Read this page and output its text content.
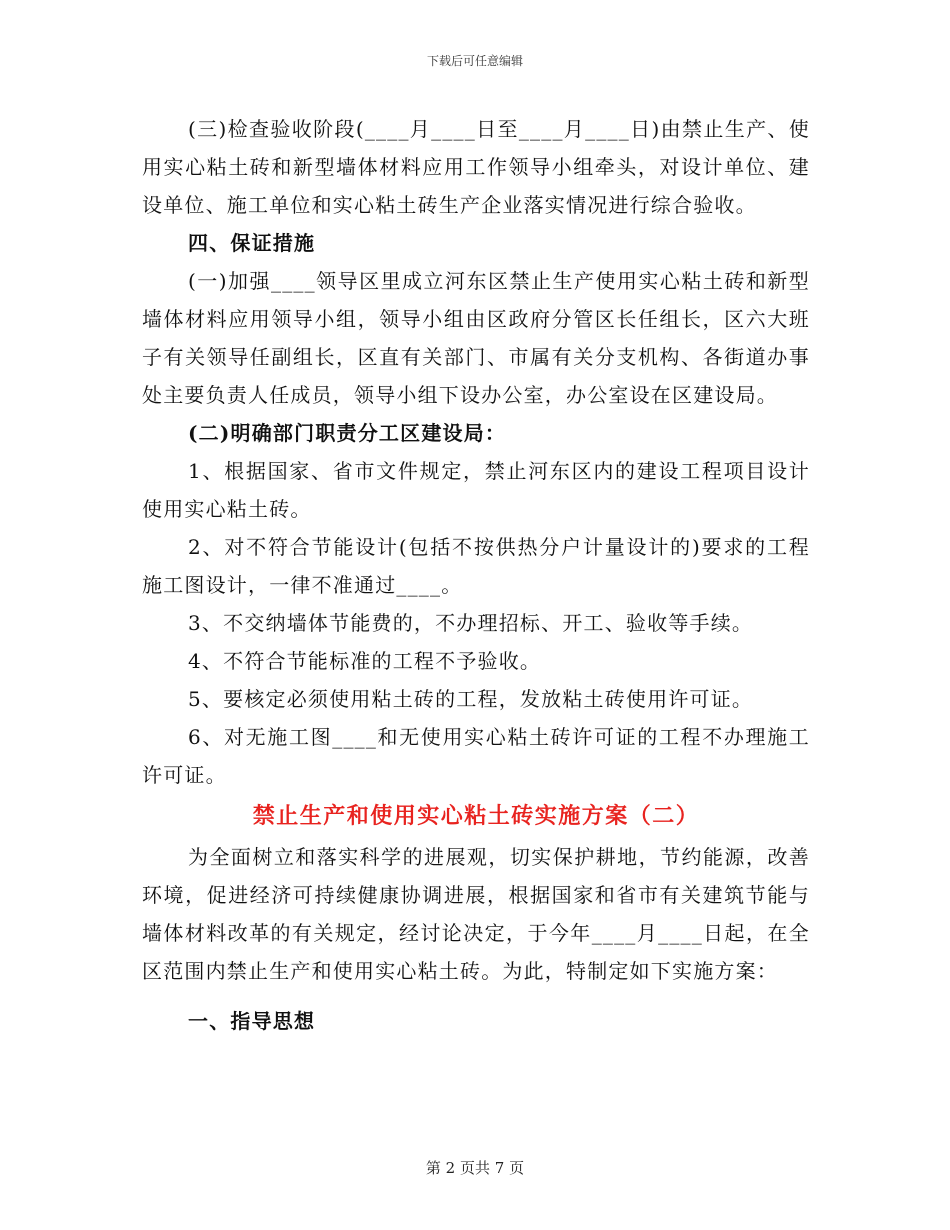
下载后可任意编辑

(三)检查验收阶段(____月____日至____月____日)由禁止生产、使用实心粘土砖和新型墙体材料应用工作领导小组牵头，对设计单位、建设单位、施工单位和实心粘土砖生产企业落实情况进行综合验收。

四、保证措施

(一)加强____领导区里成立河东区禁止生产使用实心粘土砖和新型墙体材料应用领导小组，领导小组由区政府分管区长任组长，区六大班子有关领导任副组长，区直有关部门、市属有关分支机构、各街道办事处主要负责人任成员，领导小组下设办公室，办公室设在区建设局。

(二)明确部门职责分工区建设局：

1、根据国家、省市文件规定，禁止河东区内的建设工程项目设计使用实心粘土砖。

2、对不符合节能设计(包括不按供热分户计量设计的)要求的工程施工图设计，一律不准通过____。

3、不交纳墙体节能费的，不办理招标、开工、验收等手续。

4、不符合节能标准的工程不予验收。

5、要核定必须使用粘土砖的工程，发放粘土砖使用许可证。

6、对无施工图____和无使用实心粘土砖许可证的工程不办理施工许可证。

禁止生产和使用实心粘土砖实施方案（二）

为全面树立和落实科学的进展观，切实保护耕地，节约能源，改善环境，促进经济可持续健康协调进展，根据国家和省市有关建筑节能与墙体材料改革的有关规定，经讨论决定，于今年____月____日起，在全区范围内禁止生产和使用实心粘土砖。为此，特制定如下实施方案：

一、指导思想

第 2 页共 7 页
